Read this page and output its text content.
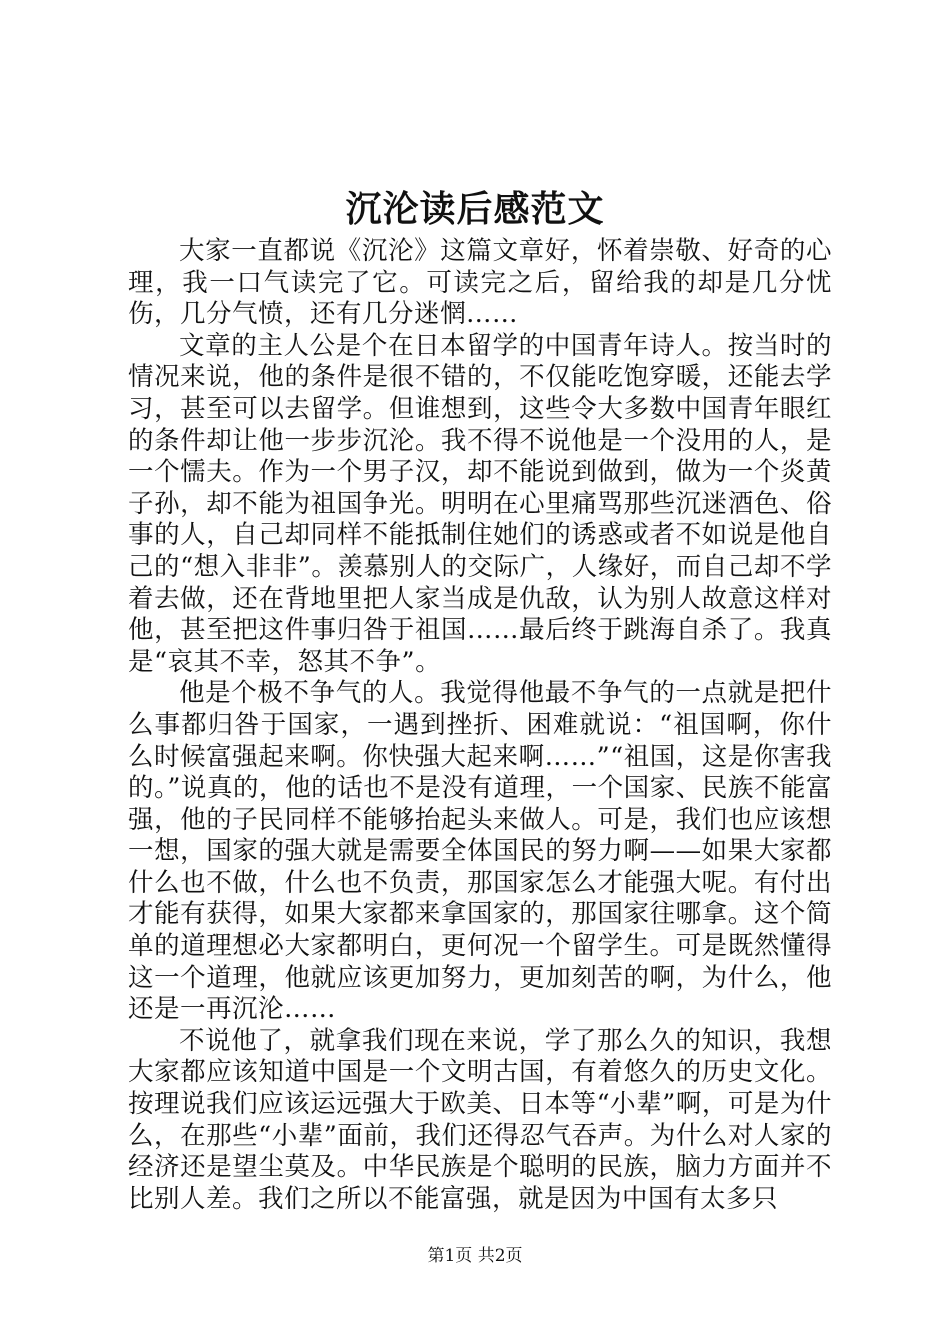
沉沦读后感范文

大家一直都说《沉沦》这篇文章好，怀着崇敬、好奇的心理，我一口气读完了它。可读完之后，留给我的却是几分忧伤，几分气愤，还有几分迷惘……

文章的主人公是个在日本留学的中国青年诗人。按当时的情况来说，他的条件是很不错的，不仅能吃饱穿暖，还能去学习，甚至可以去留学。但谁想到，这些令大多数中国青年眼红的条件却让他一步步沉沦。我不得不说他是一个没用的人，是一个懦夫。作为一个男子汉，却不能说到做到，做为一个炎黄子孙，却不能为祖国争光。明明在心里痛骂那些沉迷酒色、俗事的人，自己却同样不能抵制住她们的诱惑或者不如说是他自己的“想入非非”。羡慕别人的交际广，人缘好，而自己却不学着去做，还在背地里把人家当成是仇敌，认为别人故意这样对他，甚至把这件事归咎于祖国……最后终于跳海自杀了。我真是“哀其不幸，怒其不争”。

他是个极不争气的人。我觉得他最不争气的一点就是把什么事都归咎于国家，一遇到挫折、困难就说：“祖国啊，你什么时候富强起来啊。你快强大起来啊……”“祖国，这是你害我的。”说真的，他的话也不是没有道理，一个国家、民族不能富强，他的子民同样不能够抬起头来做人。可是，我们也应该想一想，国家的强大就是需要全体国民的努力啊——如果大家都什么也不做，什么也不负责，那国家怎么才能强大呢。有付出才能有获得，如果大家都来拿国家的，那国家往哪拿。这个简单的道理想必大家都明白，更何况一个留学生。可是既然懂得这一个道理，他就应该更加努力，更加刻苦的啊，为什么，他还是一再沉沦……

不说他了，就拿我们现在来说，学了那么久的知识，我想大家都应该知道中国是一个文明古国，有着悠久的历史文化。按理说我们应该运远强大于欧美、日本等“小辈”啊，可是为什么，在那些“小辈”面前，我们还得忍气吞声。为什么对人家的经济还是望尘莫及。中华民族是个聪明的民族，脑力方面并不比别人差。我们之所以不能富强，就是因为中国有太多只

第1页 共2页
